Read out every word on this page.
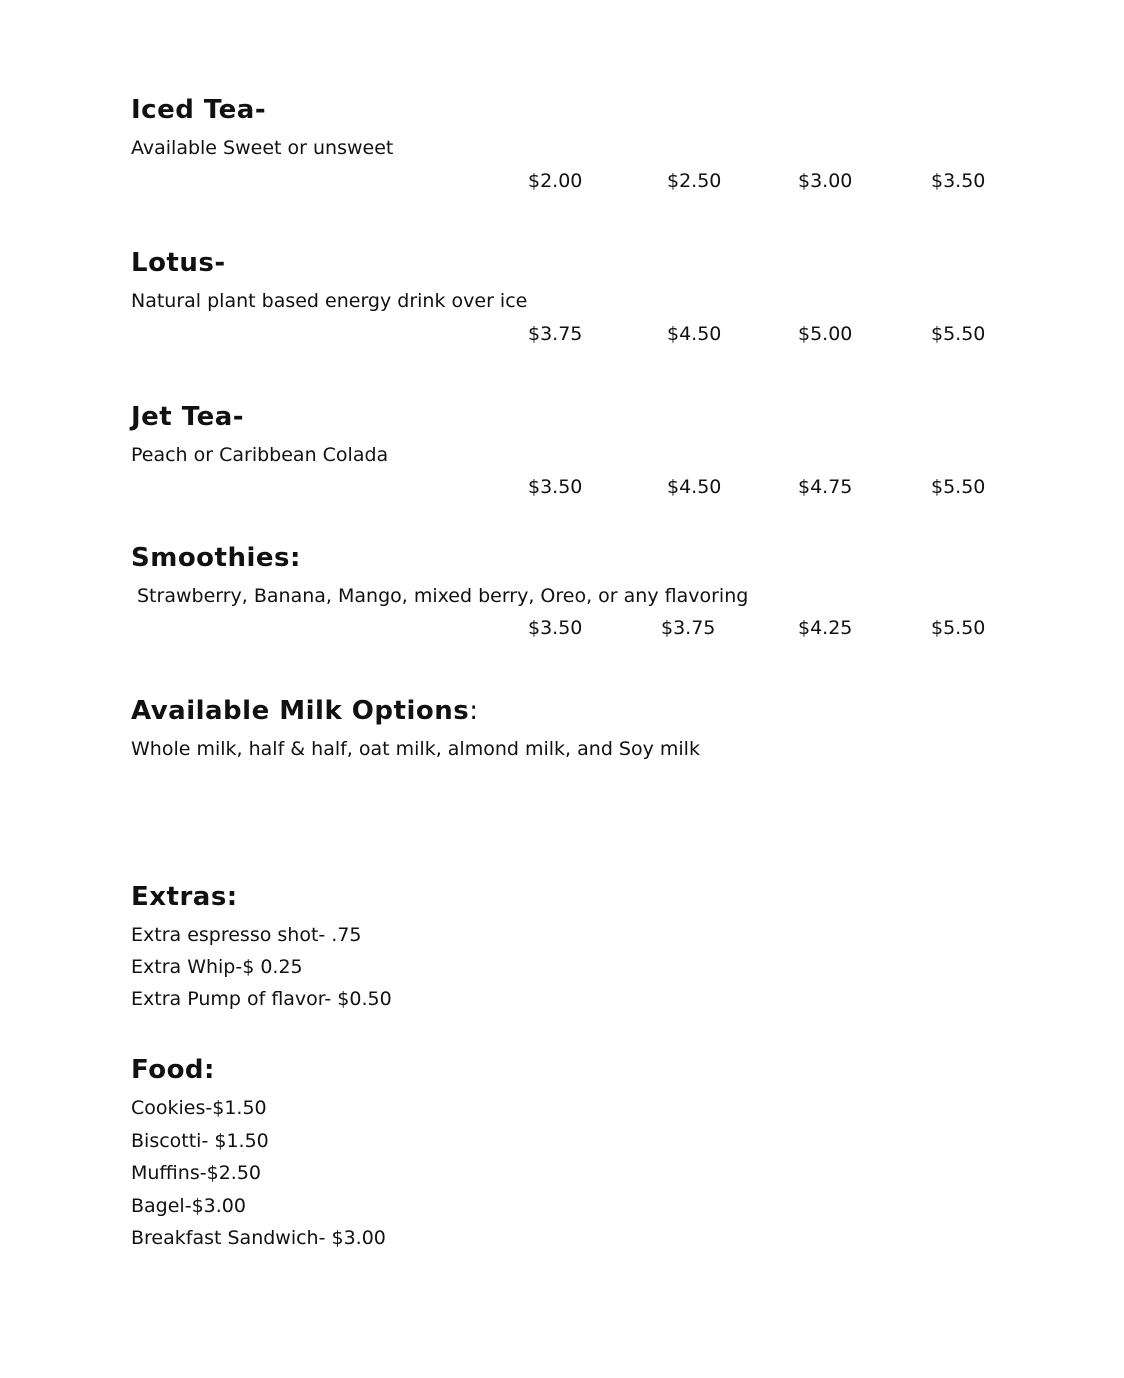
Iced Tea-
Available Sweet or unsweet
$2.00	$2.50	$3.00	$3.50
Lotus-
Natural plant based energy drink over ice
$3.75	$4.50	$5.00	$5.50
Jet Tea-
Peach or Caribbean Colada
$3.50	$4.50	$4.75	$5.50
Smoothies:
Strawberry, Banana, Mango, mixed berry, Oreo, or any flavoring
$3.50	$3.75	$4.25	$5.50
Available Milk Options:
Whole milk, half & half, oat milk, almond milk, and Soy milk
Extras:
Extra espresso shot- .75
Extra Whip-$ 0.25
Extra Pump of flavor- $0.50
Food:
Cookies-$1.50
Biscotti- $1.50
Muffins-$2.50
Bagel-$3.00
Breakfast Sandwich- $3.00
